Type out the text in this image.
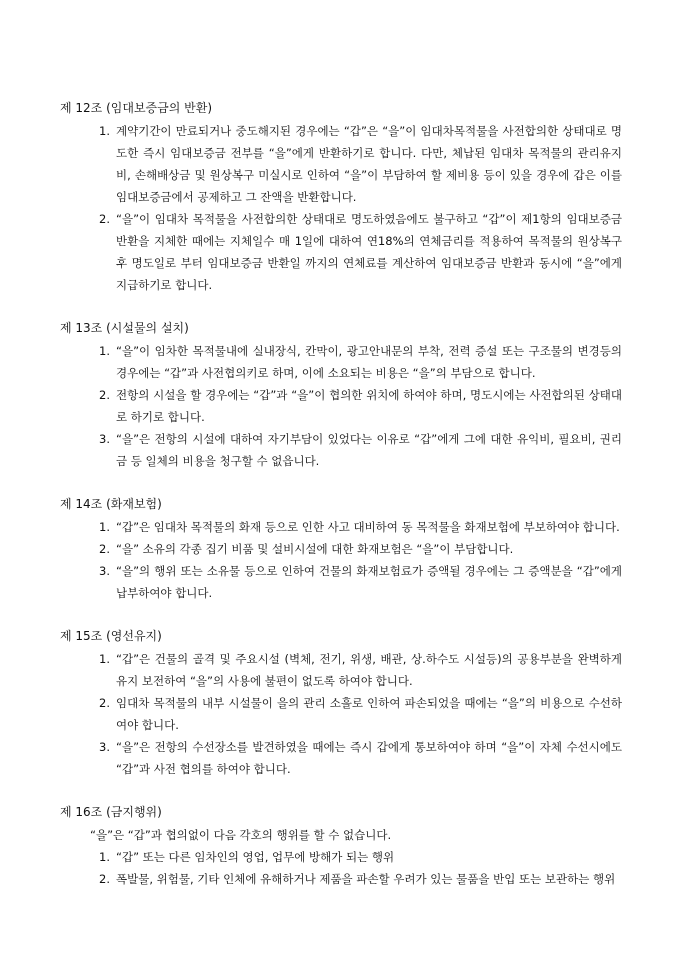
제 12조 (임대보증금의 반환)
1. 계약기간이 만료되거나 중도해지된 경우에는 “갑”은 “을”이 임대차목적물을 사전합의한 상태대로 명도한 즉시 임대보증금 전부를 “을”에게 반환하기로 합니다. 다만, 체납된 임대차 목적물의 관리유지비, 손해배상금 및 원상복구 미실시로 인하여 “을”이 부담하여 할 제비용 등이 있을 경우에 갑은 이를 임대보증금에서 공제하고 그 잔액을 반환합니다.
2. “을”이 임대차 목적물을 사전합의한 상태대로 명도하였음에도 불구하고 “갑”이 제1항의 임대보증금 반환을 지체한 때에는 지체일수 매 1일에 대하여 연18%의 연체금리를 적용하여 목적물의 원상복구후 명도일로 부터 임대보증금 반환일 까지의 연체료를 계산하여 임대보증금 반환과 동시에 “을”에게 지급하기로 합니다.
제 13조 (시설물의 설치)
1. “을”이 임차한 목적물내에 실내장식, 칸막이, 광고안내문의 부착, 전력 증설 또는 구조물의 변경등의 경우에는 “갑”과 사전협의키로 하며, 이에 소요되는 비용은 “을”의 부담으로 합니다.
2. 전항의 시설을 할 경우에는 “갑”과 “을”이 협의한 위치에 하여야 하며, 명도시에는 사전합의된 상태대로 하기로 합니다.
3. “을”은 전항의 시설에 대하여 자기부담이 있었다는 이유로 “갑”에게 그에 대한 유익비, 필요비, 권리금 등 일체의 비용을 청구할 수 없읍니다.
제 14조 (화재보험)
1. “갑”은 임대차 목적물의 화재 등으로 인한 사고 대비하여 동 목적물을 화재보험에 부보하여야 합니다.
2. “을” 소유의 각종 집기 비품 및 설비시설에 대한 화재보험은 “을”이 부담합니다.
3. “을”의 행위 또는 소유물 등으로 인하여 건물의 화재보험료가 증액될 경우에는 그 증액분을 “갑”에게 납부하여야 합니다.
제 15조 (영선유지)
1. “갑”은 건물의 골격 및 주요시설 (벽체, 전기, 위생, 배관, 상.하수도 시설등)의 공용부분을 완벽하게 유지 보전하여 “을”의 사용에 불편이 없도록 하여야 합니다.
2. 임대차 목적물의 내부 시설물이 을의 관리 소흘로 인하여 파손되었을 때에는 “을”의 비용으로 수선하여야 합니다.
3. “을”은 전항의 수선장소를 발견하였을 때에는 즉시 갑에게 통보하여야 하며 “을”이 자체 수선시에도 “갑”과 사전 협의를 하여야 합니다.
제 16조 (금지행위)
“을”은 “갑”과 협의없이 다음 각호의 행위를 할 수 없습니다.
1. “갑” 또는 다른 임차인의 영업, 업무에 방해가 되는 행위
2. 폭발물, 위험물, 기타 인체에 유해하거나 제품을 파손할 우려가 있는 물품을 반입 또는 보관하는 행위
